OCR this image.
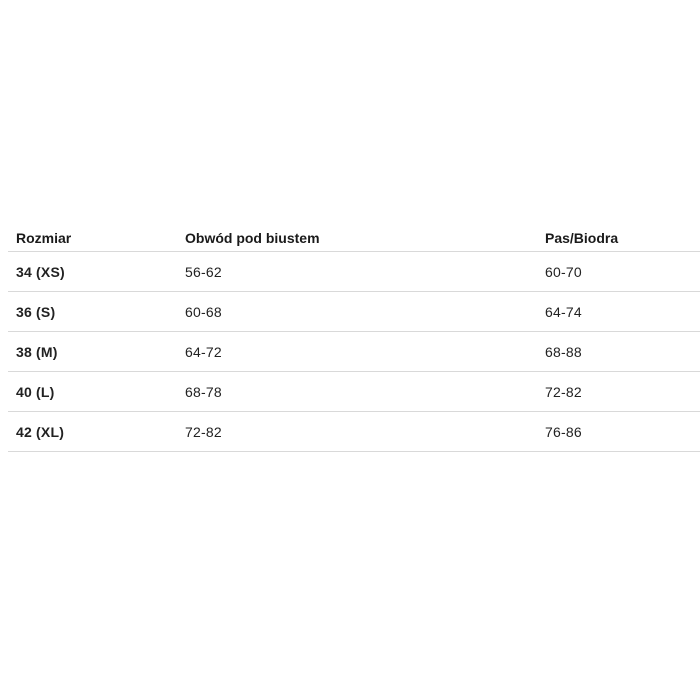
Rozmiar	Obwód pod biustem	Pas/Biodra
34 (XS)	56-62	60-70
36 (S)	60-68	64-74
38 (M)	64-72	68-88
40 (L)	68-78	72-82
42 (XL)	72-82	76-86
